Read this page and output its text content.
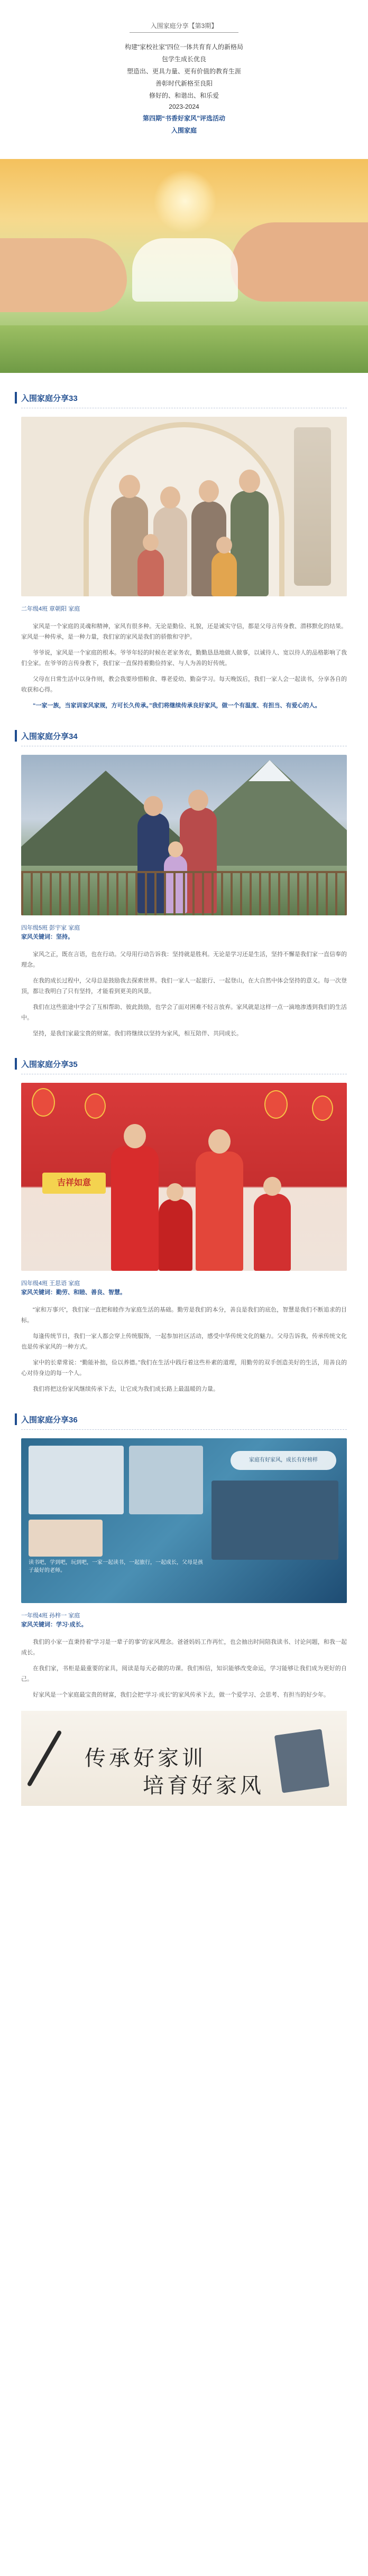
入围家庭分享【第3期】

构建“家校社家”四位一体共育育人的新格局

包学生成长优良

塑造出、更具力量、更有价值的教育生涯

善彰时代新格至良阳

修好的、和谐出、和乐爱

2023-2024

第四期“书香好家风”评选活动

入围家庭

入围家庭分享33
二年级4班 章朝阳 家庭

家风是一个家庭的灵魂和精神，家风有很多种。无论是勤俭、礼貌，还是诚实守信，都是父母言传身教、潜移默化的结果。家风是一种传承，是一种力量，我们家的家风是我们的骄傲和守护。

爷爷说，家风是一个家庭的根本。爷爷年轻的时候在老家务农，勤勤恳恳地做人做事，以诚待人、宽以待人的品格影响了我们全家。在爷爷的言传身教下，我们家一直保持着勤俭持家、与人为善的好传统。

父母在日常生活中以身作则，教会我要珍惜粮食、尊老爱幼、勤奋学习。每天晚饭后，我们一家人会一起读书，分享各自的收获和心得。

“一家一族，当家训家风家规，方可长久传承。”我们将继续传承良好家风，做一个有温度、有担当、有爱心的人。

入围家庭分享34
四年级5班 彭宇家 家庭
家风关键词：坚持。

家风之正，既在言语，也在行动。父母用行动告诉我：坚持就是胜利。无论是学习还是生活，坚持不懈是我们家一直信奉的理念。

在我的成长过程中，父母总是鼓励我去探索世界。我们一家人一起旅行、一起登山，在大自然中体会坚持的意义。每一次登顶，都让我明白了只有坚持，才能看到更美的风景。

我们在这些旅途中学会了互相帮助、彼此鼓励，也学会了面对困难不轻言放弃。家风就是这样一点一滴地渗透到我们的生活中。

坚持，是我们家最宝贵的财富。我们将继续以坚持为家风，相互陪伴、共同成长。

入围家庭分享35
吉祥如意
四年级4班 王思语 家庭
家风关键词：勤劳、和睦、善良、智慧。

“家和万事兴”，我们家一直把和睦作为家庭生活的基础。勤劳是我们的本分，善良是我们的底色，智慧是我们不断追求的目标。

每逢传统节日，我们一家人都会穿上传统服饰，一起参加社区活动，感受中华传统文化的魅力。父母告诉我，传承传统文化也是传承家风的一种方式。

家中的长辈常说：“勤能补拙，俭以养德。”我们在生活中践行着这些朴素的道理，用勤劳的双手创造美好的生活，用善良的心对待身边的每一个人。

我们将把这份家风继续传承下去，让它成为我们成长路上最温暖的力量。

入围家庭分享36
家庭有好家风，成长有好榜样
读书吧，学到吧，玩到吧，一家一起读书，一起旅行，一起成长，父母是孩子最好的老师。
一年级4班 孙梓一 家庭
家风关键词：学习·成长。

我们的小家一直秉持着“学习是一辈子的事”的家风理念。爸爸妈妈工作再忙，也会抽出时间陪我读书、讨论问题，和我一起成长。

在我们家，书柜是最重要的家具，阅读是每天必做的功课。我们相信，知识能够改变命运，学习能够让我们成为更好的自己。

好家风是一个家庭最宝贵的财富，我们会把“学习·成长”的家风传承下去，做一个爱学习、会思考、有担当的好少年。

传承好家训
培育好家风
